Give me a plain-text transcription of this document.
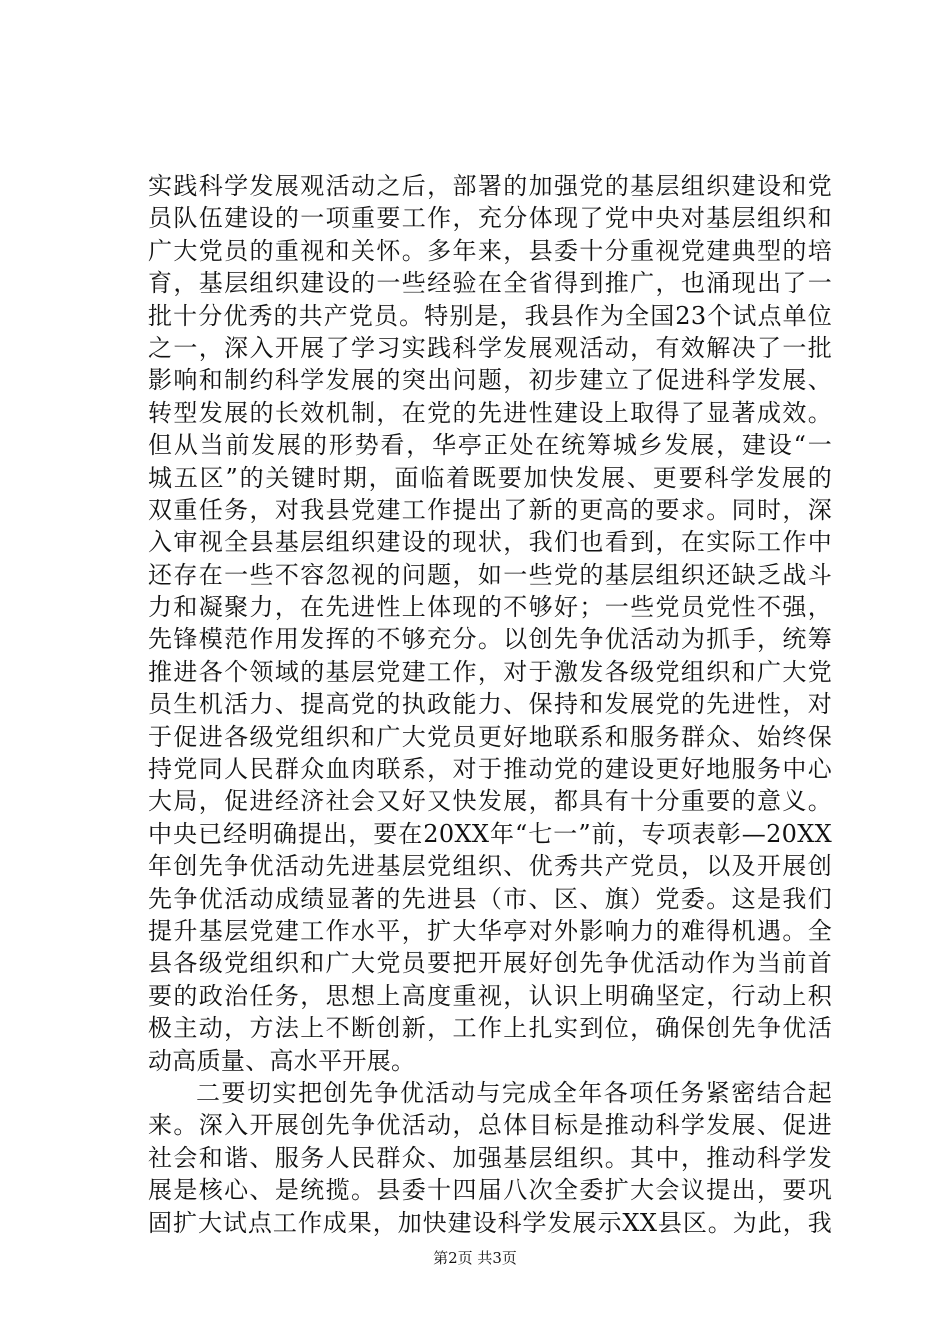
实践科学发展观活动之后，部署的加强党的基层组织建设和党
员队伍建设的一项重要工作，充分体现了党中央对基层组织和
广大党员的重视和关怀。多年来，县委十分重视党建典型的培
育，基层组织建设的一些经验在全省得到推广，也涌现出了一
批十分优秀的共产党员。特别是，我县作为全国23个试点单位
之一，深入开展了学习实践科学发展观活动，有效解决了一批
影响和制约科学发展的突出问题，初步建立了促进科学发展、
转型发展的长效机制，在党的先进性建设上取得了显著成效。
但从当前发展的形势看，华亭正处在统筹城乡发展，建设“一
城五区”的关键时期，面临着既要加快发展、更要科学发展的
双重任务，对我县党建工作提出了新的更高的要求。同时，深
入审视全县基层组织建设的现状，我们也看到，在实际工作中
还存在一些不容忽视的问题，如一些党的基层组织还缺乏战斗
力和凝聚力，在先进性上体现的不够好；一些党员党性不强，
先锋模范作用发挥的不够充分。以创先争优活动为抓手，统筹
推进各个领域的基层党建工作，对于激发各级党组织和广大党
员生机活力、提高党的执政能力、保持和发展党的先进性，对
于促进各级党组织和广大党员更好地联系和服务群众、始终保
持党同人民群众血肉联系，对于推动党的建设更好地服务中心
大局，促进经济社会又好又快发展，都具有十分重要的意义。
中央已经明确提出，要在20XX年“七一”前，专项表彰—20XX
年创先争优活动先进基层党组织、优秀共产党员，以及开展创
先争优活动成绩显著的先进县（市、区、旗）党委。这是我们
提升基层党建工作水平，扩大华亭对外影响力的难得机遇。全
县各级党组织和广大党员要把开展好创先争优活动作为当前首
要的政治任务，思想上高度重视，认识上明确坚定，行动上积
极主动，方法上不断创新，工作上扎实到位，确保创先争优活
动高质量、高水平开展。
二要切实把创先争优活动与完成全年各项任务紧密结合起
来。深入开展创先争优活动，总体目标是推动科学发展、促进
社会和谐、服务人民群众、加强基层组织。其中，推动科学发
展是核心、是统揽。县委十四届八次全委扩大会议提出，要巩
固扩大试点工作成果，加快建设科学发展示XX县区。为此，我
第2页 共3页
